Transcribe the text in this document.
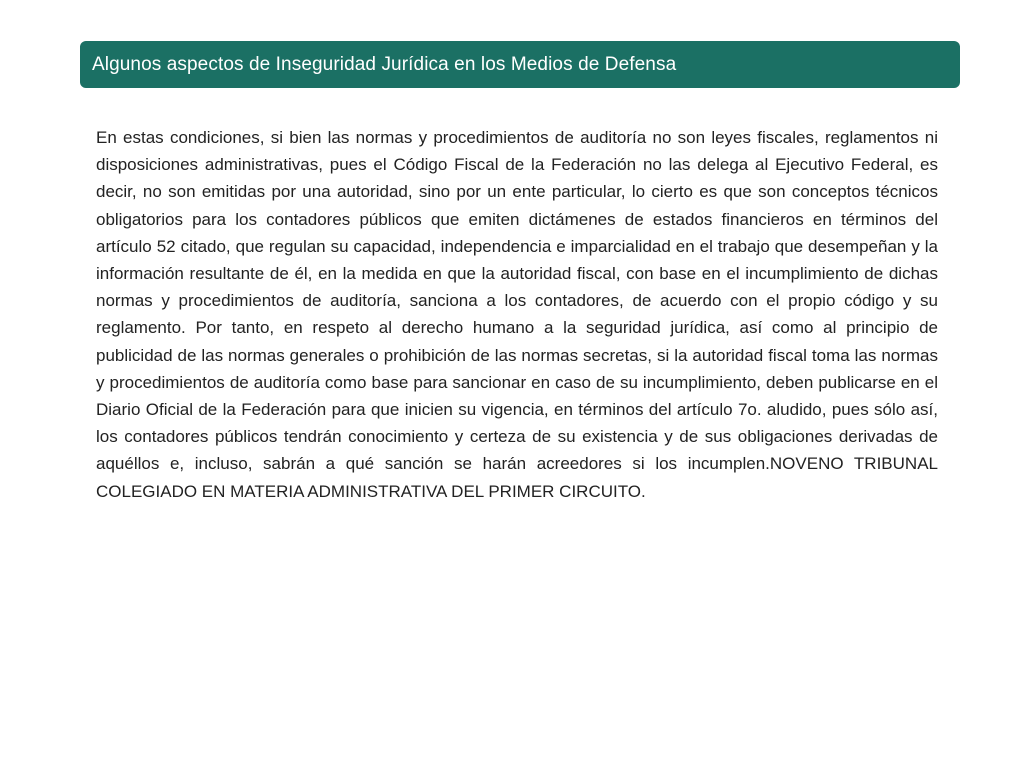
Algunos aspectos de Inseguridad Jurídica en los Medios de Defensa

En estas condiciones, si bien las normas y procedimientos de auditoría no son leyes fiscales, reglamentos ni disposiciones administrativas, pues el Código Fiscal de la Federación no las delega al Ejecutivo Federal, es decir, no son emitidas por una autoridad, sino por un ente particular, lo cierto es que son conceptos técnicos obligatorios para los contadores públicos que emiten dictámenes de estados financieros en términos del artículo 52 citado, que regulan su capacidad, independencia e imparcialidad en el trabajo que desempeñan y la información resultante de él, en la medida en que la autoridad fiscal, con base en el incumplimiento de dichas normas y procedimientos de auditoría, sanciona a los contadores, de acuerdo con el propio código y su reglamento. Por tanto, en respeto al derecho humano a la seguridad jurídica, así como al principio de publicidad de las normas generales o prohibición de las normas secretas, si la autoridad fiscal toma las normas y procedimientos de auditoría como base para sancionar en caso de su incumplimiento, deben publicarse en el Diario Oficial de la Federación para que inicien su vigencia, en términos del artículo 7o. aludido, pues sólo así, los contadores públicos tendrán conocimiento y certeza de su existencia y de sus obligaciones derivadas de aquéllos e, incluso, sabrán a qué sanción se harán acreedores si los incumplen.NOVENO TRIBUNAL COLEGIADO EN MATERIA ADMINISTRATIVA DEL PRIMER CIRCUITO.
